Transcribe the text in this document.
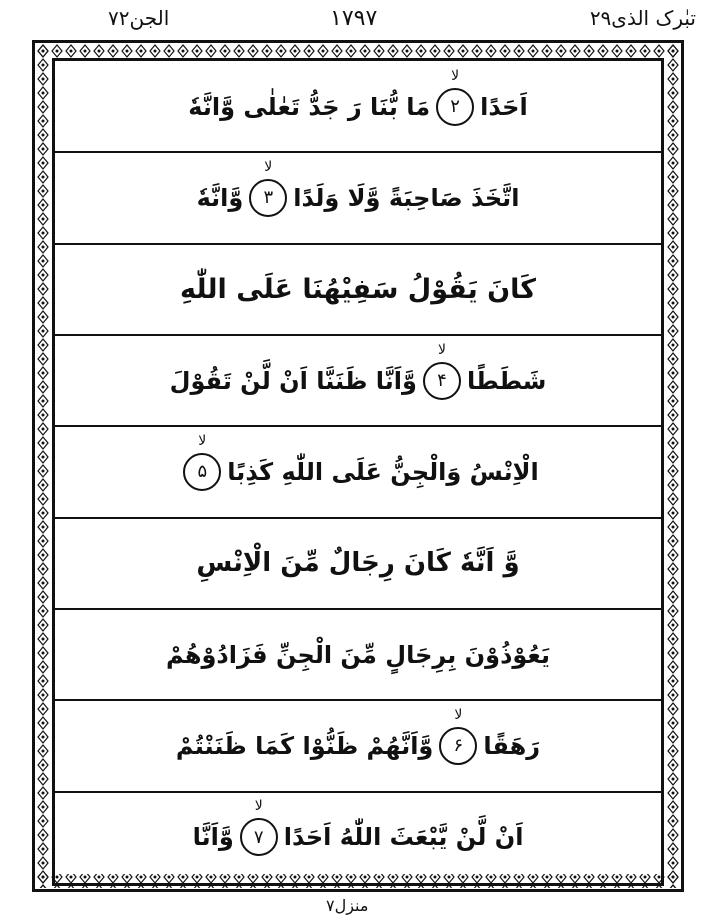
الجن۷۲	۱۷۹۷	تبٰرک الذی۲۹
اَحَدًا
۲
لا
مَا بُّنَا رَ جَدُّ تَعٰلٰى وَّانَّهٗ
اتَّخَذَ صَاحِبَةً وَّلَا وَلَدًا
۳
لا
وَّانَّهٗ
كَانَ يَقُوْلُ سَفِيْهُنَا عَلَى اللّٰهِ
شَطَطًا
۴
لا
وَّاَنَّا ظَنَنَّا اَنْ لَّنْ تَقُوْلَ
الْاِنْسُ وَالْجِنُّ عَلَى اللّٰهِ كَذِبًا
۵
لا
وَّ اَنَّهٗ كَانَ رِجَالٌ مِّنَ الْاِنْسِ
يَعُوْذُوْنَ بِرِجَالٍ مِّنَ الْجِنِّ فَزَادُوْهُمْ
رَهَقًا
۶
لا
وَّاَنَّهُمْ ظَنُّوْا كَمَا ظَنَنْتُمْ
اَنْ لَّنْ يَّبْعَثَ اللّٰهُ اَحَدًا
۷
لا
وَّاَنَّا
منزل۷
